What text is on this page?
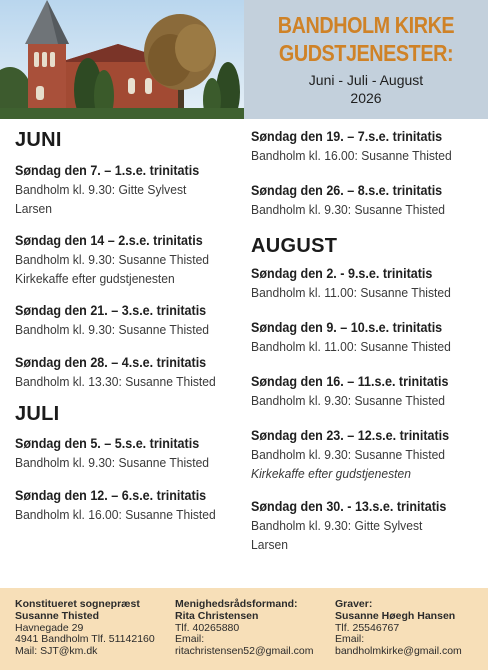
BANDHOLM KIRKE
GUDSTJENESTER:
Juni - Juli - August
2026
JUNI
Søndag den 7. – 1.s.e. trinitatis
Bandholm kl. 9.30: Gitte Sylvest
Larsen
Søndag den 14 – 2.s.e. trinitatis
Bandholm kl. 9.30: Susanne Thisted
Kirkekaffe efter gudstjenesten
Søndag den 21. – 3.s.e. trinitatis
Bandholm kl. 9.30: Susanne Thisted
Søndag den 28. – 4.s.e. trinitatis
Bandholm kl. 13.30: Susanne Thisted
JULI
Søndag den 5. – 5.s.e. trinitatis
Bandholm kl. 9.30: Susanne Thisted
Søndag den 12. – 6.s.e. trinitatis
Bandholm kl. 16.00: Susanne Thisted
Søndag den 19. – 7.s.e. trinitatis
Bandholm kl. 16.00: Susanne Thisted
Søndag den 26. – 8.s.e. trinitatis
Bandholm kl. 9.30: Susanne Thisted
AUGUST
Søndag den 2. - 9.s.e. trinitatis
Bandholm kl. 11.00: Susanne Thisted
Søndag den 9. – 10.s.e. trinitatis
Bandholm kl. 11.00: Susanne Thisted
Søndag den 16. – 11.s.e. trinitatis
Bandholm kl. 9.30: Susanne Thisted
Søndag den 23. – 12.s.e. trinitatis
Bandholm kl. 9.30: Susanne Thisted
Kirkekaffe efter gudstjenesten
Søndag den 30. - 13.s.e. trinitatis
Bandholm kl. 9.30: Gitte Sylvest
Larsen
Konstitueret sognepræst
Susanne Thisted
Havnegade 29
4941 Bandholm Tlf. 51142160
Mail: SJT@km.dk
Menighedsrådsformand:
Rita Christensen
Tlf. 40265880
Email:
ritachristensen52@gmail.com
Graver:
Susanne Høegh Hansen
Tlf. 25546767
Email:
bandholmkirke@gmail.com
